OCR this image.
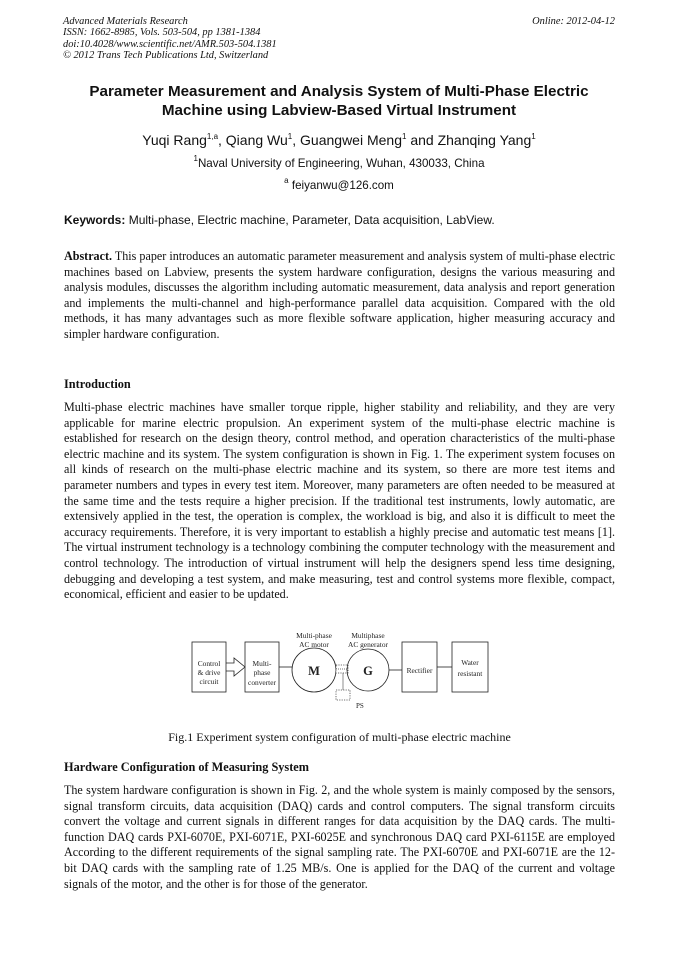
Advanced Materials Research
ISSN: 1662-8985, Vols. 503-504, pp 1381-1384
doi:10.4028/www.scientific.net/AMR.503-504.1381
© 2012 Trans Tech Publications Ltd, Switzerland
Online: 2012-04-12
Parameter Measurement and Analysis System of Multi-Phase Electric
Machine using Labview-Based Virtual Instrument
Yuqi Rang$^{1,a}$, Qiang Wu$^1$, Guangwei Meng$^1$ and Zhanqing Yang$^1$
$^1$Naval University of Engineering, Wuhan, 430033, China
$^a$ feiyanwu@126.com
Keywords: Multi-phase, Electric machine, Parameter, Data acquisition, LabView.
Abstract. This paper introduces an automatic parameter measurement and analysis system of multi-phase electric machines based on Labview, presents the system hardware configuration, designs the various measuring and analysis modules, discusses the algorithm including automatic measurement, data analysis and report generation and implements the multi-channel and high-performance parallel data acquisition. Compared with the old methods, it has many advantages such as more flexible software application, higher measuring accuracy and simpler hardware configuration.
Introduction
Multi-phase electric machines have smaller torque ripple, higher stability and reliability, and they are very applicable for marine electric propulsion. An experiment system of the multi-phase electric machine is established for research on the design theory, control method, and operation characteristics of the multi-phase electric machine and its system. The system configuration is shown in Fig. 1. The experiment system focuses on all kinds of research on the multi-phase electric machine and its system, so there are more test items and parameter numbers and types in every test item. Moreover, many parameters are often needed to be measured at the same time and the tests require a higher precision. If the traditional test instruments, lowly automatic, are extensively applied in the test, the operation is complex, the workload is big, and also it is difficult to meet the accuracy requirements. Therefore, it is very important to establish a highly precise and automatic test means [1]. The virtual instrument technology is a technology combining the computer technology with the measurement and control technology. The introduction of virtual instrument will help the designers spend less time designing, debugging and developing a test system, and make measuring, test and control systems more flexible, compact, economical, efficient and easier to be updated.
Control
& drive
circuit
Multi-
phase
converter
Multi-phase
AC motor
M
Multiphase
AC generator
G
PS
Rectifier
Water
resistant
Fig.1 Experiment system configuration of multi-phase electric machine
Hardware Configuration of Measuring System
The system hardware configuration is shown in Fig. 2, and the whole system is mainly composed by the sensors, signal transform circuits, data acquisition (DAQ) cards and control computers. The signal transform circuits convert the voltage and current signals in different ranges for data acquisition by the DAQ cards. The multi-function DAQ cards PXI-6070E, PXI-6071E, PXI-6025E and synchronous DAQ card PXI-6115E are employed According to the different requirements of the signal sampling rate. The PXI-6070E and PXI-6071E are the 12-bit DAQ cards with the sampling rate of 1.25 MB/s. One is applied for the DAQ of the current and voltage signals of the motor, and the other is for those of the generator.
